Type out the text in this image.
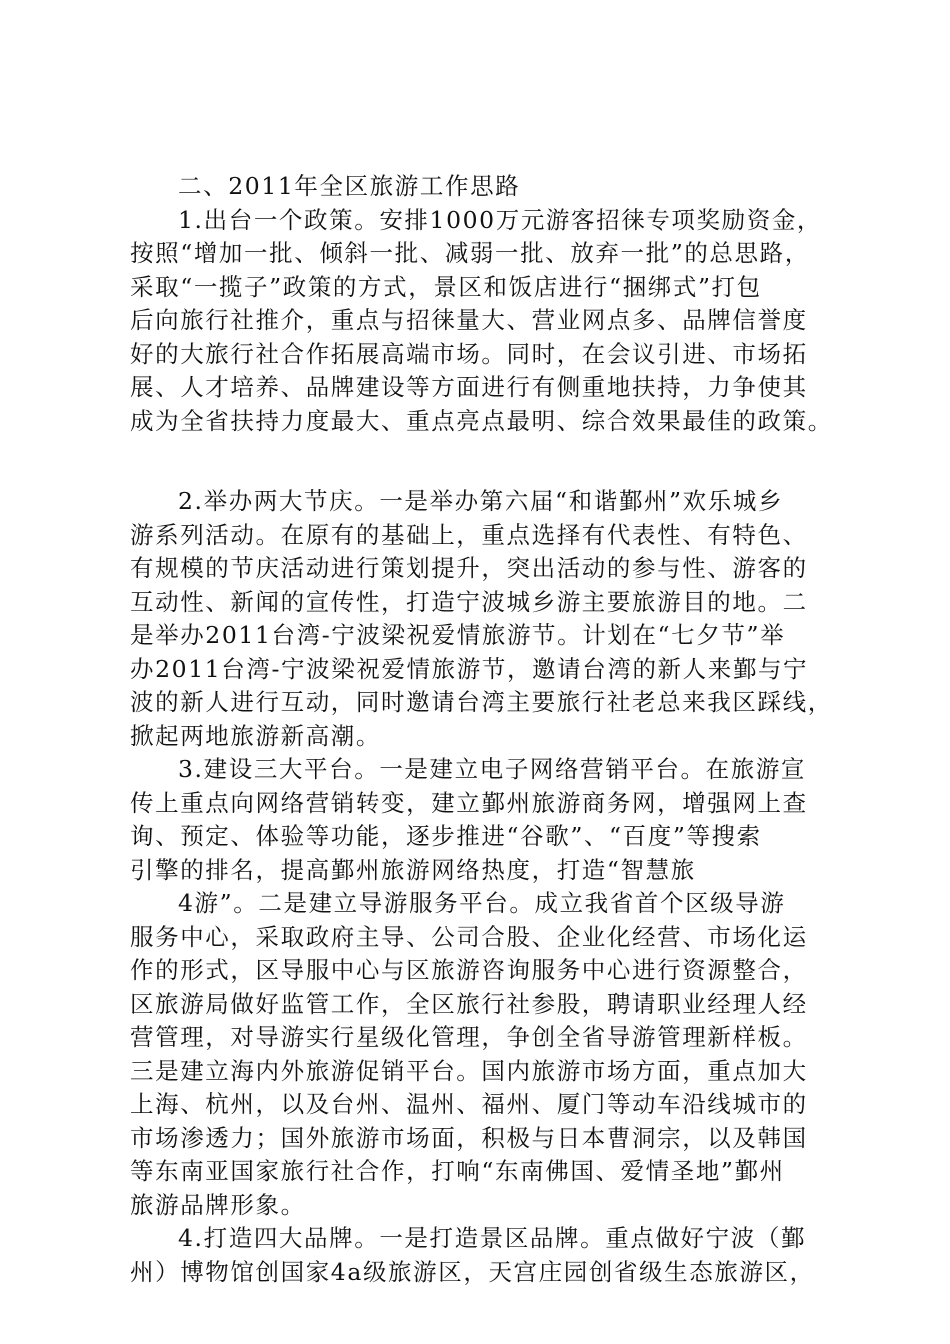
二、2011年全区旅游工作思路
1.出台一个政策。安排1000万元游客招徕专项奖励资金，
按照“增加一批、倾斜一批、减弱一批、放弃一批”的总思路，
采取“一揽子”政策的方式，景区和饭店进行“捆绑式”打包
后向旅行社推介，重点与招徕量大、营业网点多、品牌信誉度
好的大旅行社合作拓展高端市场。同时，在会议引进、市场拓
展、人才培养、品牌建设等方面进行有侧重地扶持，力争使其
成为全省扶持力度最大、重点亮点最明、综合效果最佳的政策。
2.举办两大节庆。一是举办第六届“和谐鄞州”欢乐城乡
游系列活动。在原有的基础上，重点选择有代表性、有特色、
有规模的节庆活动进行策划提升，突出活动的参与性、游客的
互动性、新闻的宣传性，打造宁波城乡游主要旅游目的地。二
是举办2011台湾-宁波梁祝爱情旅游节。计划在“七夕节”举
办2011台湾-宁波梁祝爱情旅游节，邀请台湾的新人来鄞与宁
波的新人进行互动，同时邀请台湾主要旅行社老总来我区踩线，
掀起两地旅游新高潮。
3.建设三大平台。一是建立电子网络营销平台。在旅游宣
传上重点向网络营销转变，建立鄞州旅游商务网，增强网上查
询、预定、体验等功能，逐步推进“谷歌”、“百度”等搜索
引擎的排名，提高鄞州旅游网络热度，打造“智慧旅
4游”。二是建立导游服务平台。成立我省首个区级导游
服务中心，采取政府主导、公司合股、企业化经营、市场化运
作的形式，区导服中心与区旅游咨询服务中心进行资源整合，
区旅游局做好监管工作，全区旅行社参股，聘请职业经理人经
营管理，对导游实行星级化管理，争创全省导游管理新样板。
三是建立海内外旅游促销平台。国内旅游市场方面，重点加大
上海、杭州，以及台州、温州、福州、厦门等动车沿线城市的
市场渗透力；国外旅游市场面，积极与日本曹洞宗，以及韩国
等东南亚国家旅行社合作，打响“东南佛国、爱情圣地”鄞州
旅游品牌形象。
4.打造四大品牌。一是打造景区品牌。重点做好宁波（鄞
州）博物馆创国家4a级旅游区，天宫庄园创省级生态旅游区，
